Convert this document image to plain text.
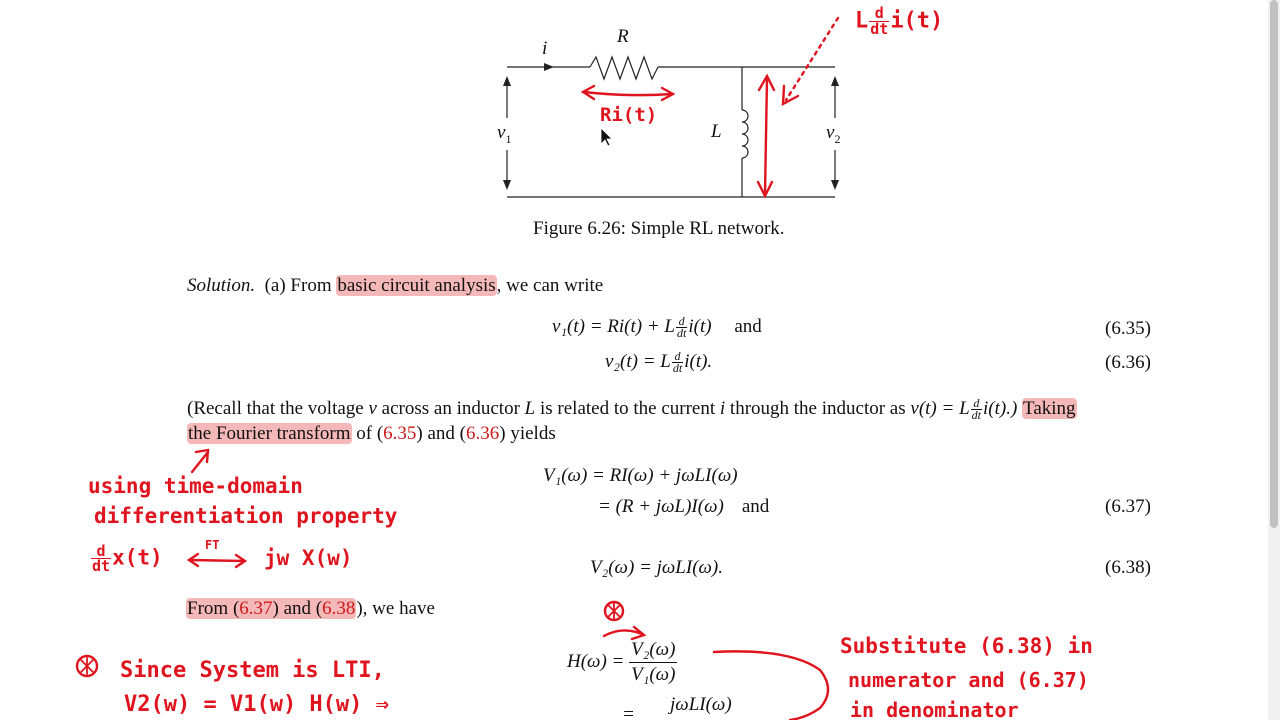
i
R
L
$v_1$	$v_2$
Figure 6.26: Simple RL network.
L $\frac{d}{dt} i(t)$
Ri(t)
Solution. (a) From basic circuit analysis, we can write
v₁(t) = Ri(t) + L $\frac{d}{dt} i(t)$ and	(6.35)
v₂(t) = L $\frac{d}{dt} i(t)$.	(6.36)
(Recall that the voltage v across an inductor L is related to the current i through the inductor as v(t) = L $\frac{d}{dt} i(t)$.) Taking
the Fourier transform of (6.35) and (6.36) yields
V₁(ω) = RI(ω) + jωLI(ω)
= (R + jωL)I(ω) and	(6.37)
V₂(ω) = jωLI(ω).	(6.38)
From (6.37) and (6.38), we have
$H(\omega) = \frac{\text{V₂(ω)}}{\text{V₁(ω)}}$
= jωLI(ω)
using time-domain
differentiation property
$\frac{d}{dt} x(t)$
FT
jw X(w)
Since System is LTI,
V2(w) = V1(w) H(w) ⇒
Substitute (6.38) in
numerator and (6.37)
in denominator
